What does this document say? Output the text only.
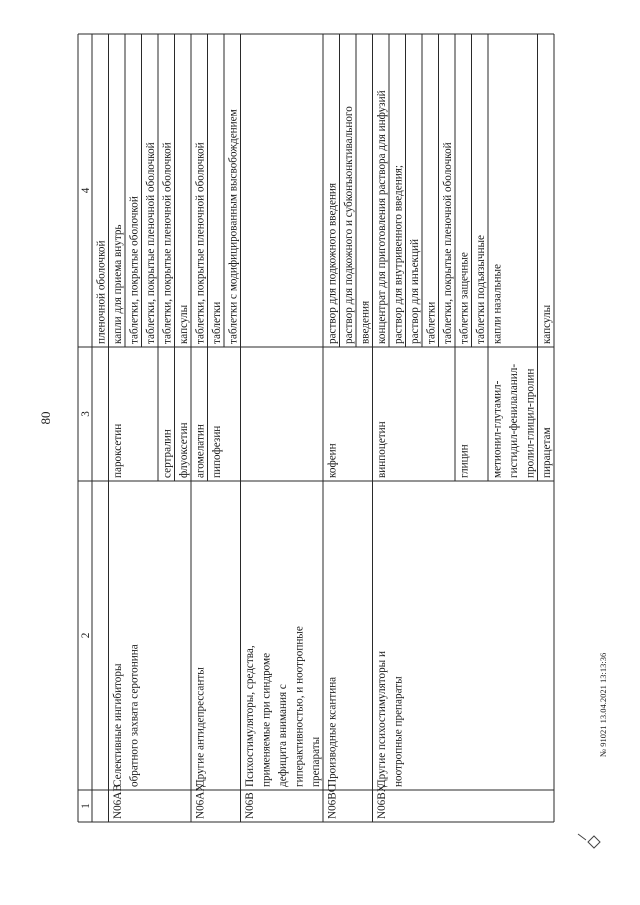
80
1
2
3
4
пленочной оболочкой
N06AB
Селективные ингибиторы обратного захвата серотонина
пароксетин
капли для приема внутрь таблетки, покрытые оболочкой таблетки, покрытые пленочной оболочкой
сертралин
таблетки, покрытые пленочной оболочкой
флуоксетин
капсулы
N06AX
Другие антидепрессанты
агомелатин
таблетки, покрытые пленочной оболочкой
пипофезин
таблетки таблетки с модифицированным высвобождением
N06B
Психостимуляторы, средства, применяемые при синдроме дефицита внимания с гиперактивностью, и ноотропные препараты
N06BC
Производные ксантина
кофеин
раствор для подкожного введения раствор для подкожного и субконъюнктивального введения
N06BX
Другие психостимуляторы и ноотропные препараты
винпоцетин
концентрат для приготовления раствора для инфузий раствор для внутривенного введения; раствор для инъекций таблетки таблетки, покрытые пленочной оболочкой
глицин
таблетки защечные таблетки подъязычные
метионил-глутамил- гистидил-фенилаланил- пролил-глицил-пролин
капли назальные
пирацетам
капсулы
№ 91021 13.04.2021 13:13:36
